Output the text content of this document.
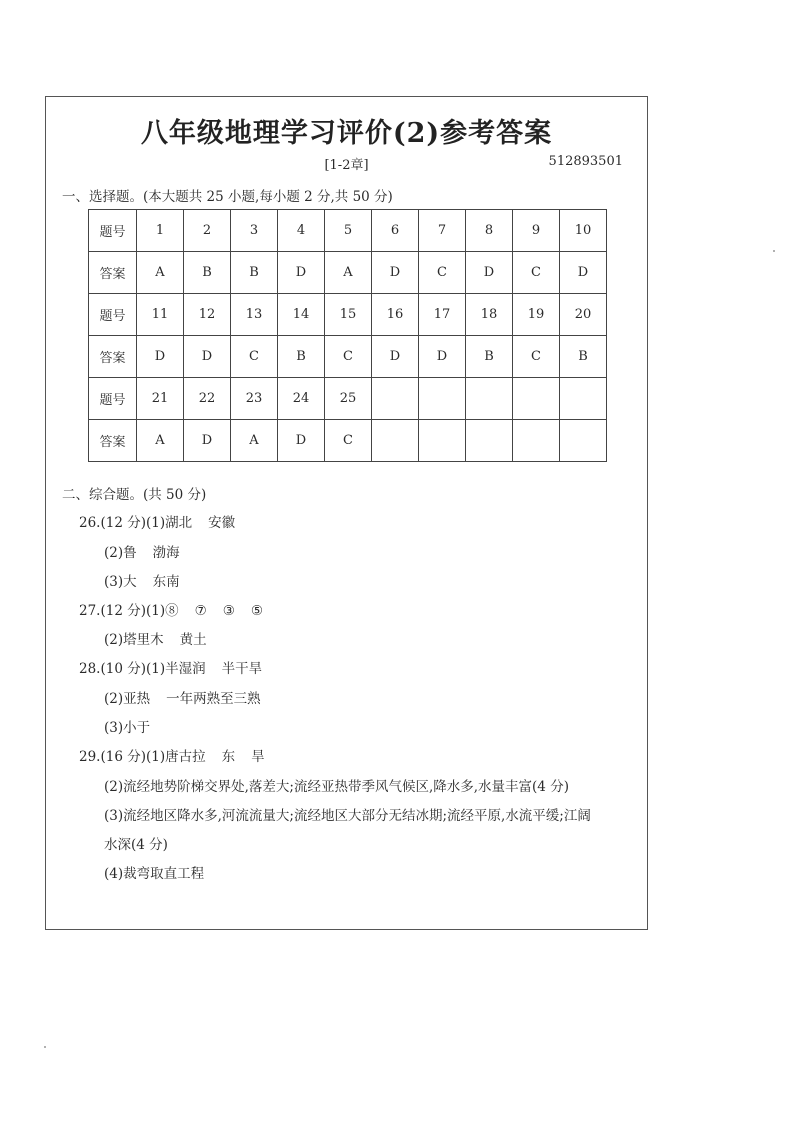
八年级地理学习评价(2)参考答案
[1-2章]	512893501
一、选择题。(本大题共 25 小题,每小题 2 分,共 50 分)
题号	1	2	3	4	5	6	7	8	9	10
答案	A	B	B	D	A	D	C	D	C	D
题号	11	12	13	14	15	16	17	18	19	20
答案	D	D	C	B	C	D	D	B	C	B
题号	21	22	23	24	25					
答案	A	D	A	D	C					
二、综合题。(共 50 分)
26.(12 分)(1)湖北 安徽
(2)鲁 渤海
(3)大 东南
27.(12 分)(1)⑧ ⑦ ③ ⑤
(2)塔里木 黄土
28.(10 分)(1)半湿润 半干旱
(2)亚热 一年两熟至三熟
(3)小于
29.(16 分)(1)唐古拉 东 旱
(2)流经地势阶梯交界处,落差大;流经亚热带季风气候区,降水多,水量丰富(4 分)
(3)流经地区降水多,河流流量大;流经地区大部分无结冰期;流经平原,水流平缓;江阔
水深(4 分)
(4)裁弯取直工程
